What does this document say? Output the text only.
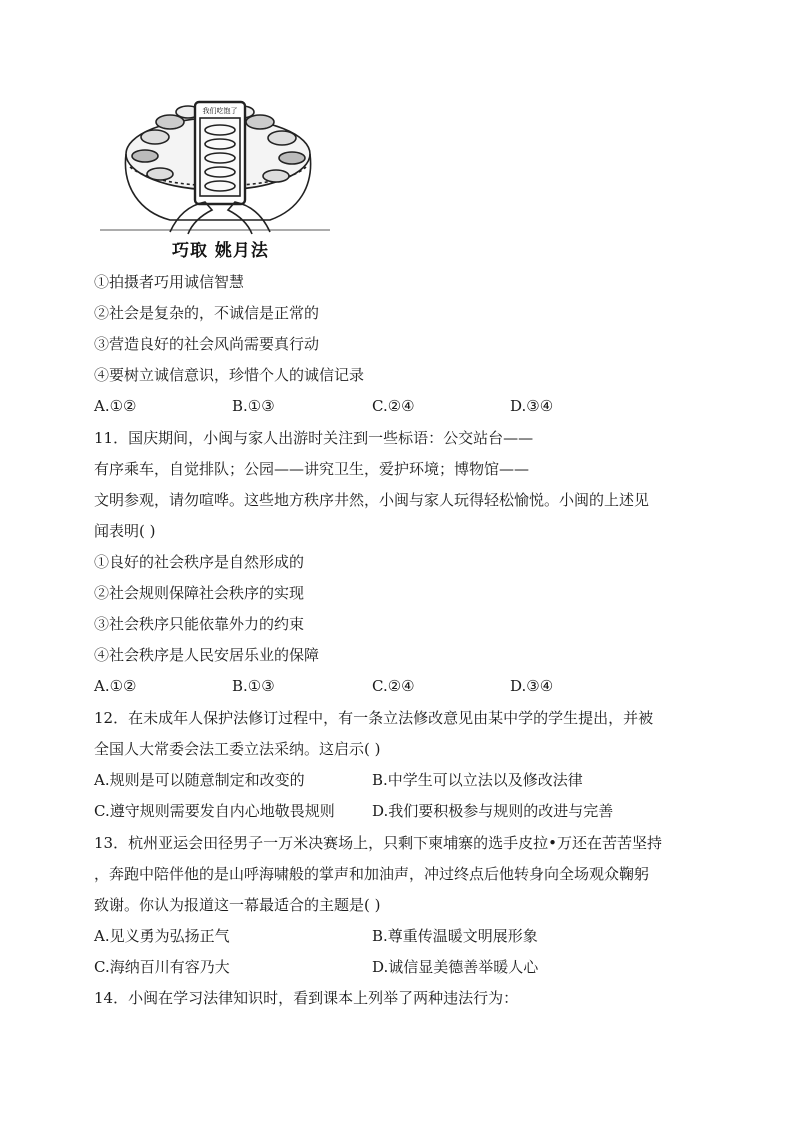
我们吃饱了
巧取 姚月法
①拍摄者巧用诚信智慧
②社会是复杂的，不诚信是正常的
③营造良好的社会风尚需要真行动
④要树立诚信意识，珍惜个人的诚信记录
A.①②	B.①③	C.②④	D.③④
11．国庆期间，小闽与家人出游时关注到一些标语：公交站台——
有序乘车，自觉排队；公园——讲究卫生，爱护环境；博物馆——
文明参观，请勿喧哗。这些地方秩序井然，小闽与家人玩得轻松愉悦。小闽的上述见
闻表明( )
①良好的社会秩序是自然形成的
②社会规则保障社会秩序的实现
③社会秩序只能依靠外力的约束
④社会秩序是人民安居乐业的保障
A.①②	B.①③	C.②④	D.③④
12．在未成年人保护法修订过程中，有一条立法修改意见由某中学的学生提出，并被
全国人大常委会法工委立法采纳。这启示( )
A.规则是可以随意制定和改变的	B.中学生可以立法以及修改法律
C.遵守规则需要发自内心地敬畏规则 D.我们要积极参与规则的改进与完善
13．杭州亚运会田径男子一万米决赛场上，只剩下柬埔寨的选手皮拉•万还在苦苦坚持
，奔跑中陪伴他的是山呼海啸般的掌声和加油声，冲过终点后他转身向全场观众鞠躬
致谢。你认为报道这一幕最适合的主题是( )
A.见义勇为弘扬正气	B.尊重传温暖文明展形象
C.海纳百川有容乃大	D.诚信显美德善举暖人心
14．小闽在学习法律知识时，看到课本上列举了两种违法行为：
